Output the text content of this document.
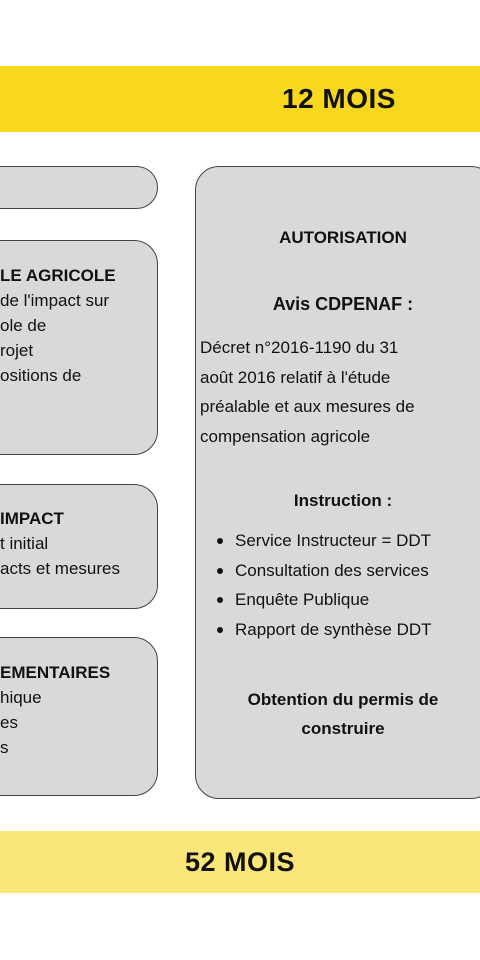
12 MOIS
LE AGRICOLE
de l'impact sur
ole de
rojet
ositions de
IMPACT
t initial
acts et mesures
EMENTAIRES
hique
es
s
AUTORISATION
Avis CDPENAF :
Décret n°2016-1190 du 31
août 2016 relatif à l'étude
préalable et aux mesures de
compensation agricole
Instruction :
Service Instructeur = DDT
Consultation des services
Enquête Publique
Rapport de synthèse DDT
Obtention du permis de
construire
52 MOIS
